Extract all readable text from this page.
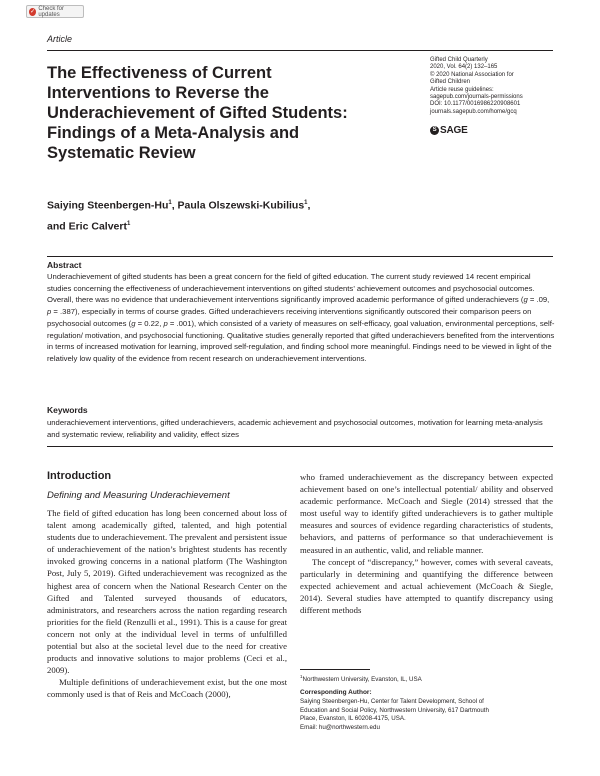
✓ Check for updates
Article
The Effectiveness of Current Interventions to Reverse the Underachievement of Gifted Students: Findings of a Meta-Analysis and Systematic Review
Gifted Child Quarterly
2020, Vol. 64(2) 132–165
© 2020 National Association for
Gifted Children
Article reuse guidelines:
sagepub.com/journals-permissions
DOI: 10.1177/0016986220908601
journals.sagepub.com/home/gcq
S SAGE
Saiying Steenbergen-Hu$^1$, Paula Olszewski-Kubilius$^1$,
and Eric Calvert$^1$
Abstract
Underachievement of gifted students has been a great concern for the field of gifted education. The current study reviewed 14 recent empirical studies concerning the effectiveness of underachievement interventions on gifted students’ achievement outcomes and psychosocial outcomes. Overall, there was no evidence that underachievement interventions significantly improved academic performance of gifted underachievers (g = .09, p = .387), especially in terms of course grades. Gifted underachievers receiving interventions significantly outscored their comparison peers on psychosocial outcomes (g = 0.22, p = .001), which consisted of a variety of measures on self-efficacy, goal valuation, environmental perceptions, self-regulation/ motivation, and psychosocial functioning. Qualitative studies generally reported that gifted underachievers benefited from the interventions in terms of increased motivation for learning, improved self-regulation, and finding school more meaningful. Findings need to be viewed in light of the relatively low quality of the evidence from recent research on underachievement interventions.
Keywords
underachievement interventions, gifted underachievers, academic achievement and psychosocial outcomes, motivation for learning meta-analysis and systematic review, reliability and validity, effect sizes
Introduction
Defining and Measuring Underachievement

The field of gifted education has long been concerned about loss of talent among academically gifted, talented, and high potential students due to underachievement. The prevalent and persistent issue of underachievement of the nation’s brightest students has recently invoked growing concerns in a national platform (The Washington Post, July 5, 2019). Gifted underachievement was recognized as the highest area of concern when the National Research Center on the Gifted and Talented surveyed thousands of educators, administrators, and researchers across the nation regarding research priorities for the field (Renzulli et al., 1991). This is a cause for great concern not only at the individual level in terms of unfulfilled potential but also at the societal level due to the need for creative products and innovative solutions to major problems (Ceci et al., 2009).

Multiple definitions of underachievement exist, but the one most commonly used is that of Reis and McCoach (2000),

who framed underachievement as the discrepancy between expected achievement based on one’s intellectual potential/ ability and observed academic performance. McCoach and Siegle (2014) stressed that the most useful way to identify gifted underachievers is to gather multiple measures and sources of evidence regarding characteristics of students, behaviors, and patterns of performance so that underachievement is measured in an authentic, valid, and reliable manner.

The concept of “discrepancy,” however, comes with several caveats, particularly in determining and quantifying the difference between expected achievement and actual achievement (McCoach & Siegle, 2014). Several studies have attempted to quantify discrepancy using different methods

$^1$Northwestern University, Evanston, IL, USA
Corresponding Author:
Saiying Steenbergen-Hu, Center for Talent Development, School of
Education and Social Policy, Northwestern University, 617 Dartmouth
Place, Evanston, IL 60208-4175, USA.
Email: hu@northwestern.edu
